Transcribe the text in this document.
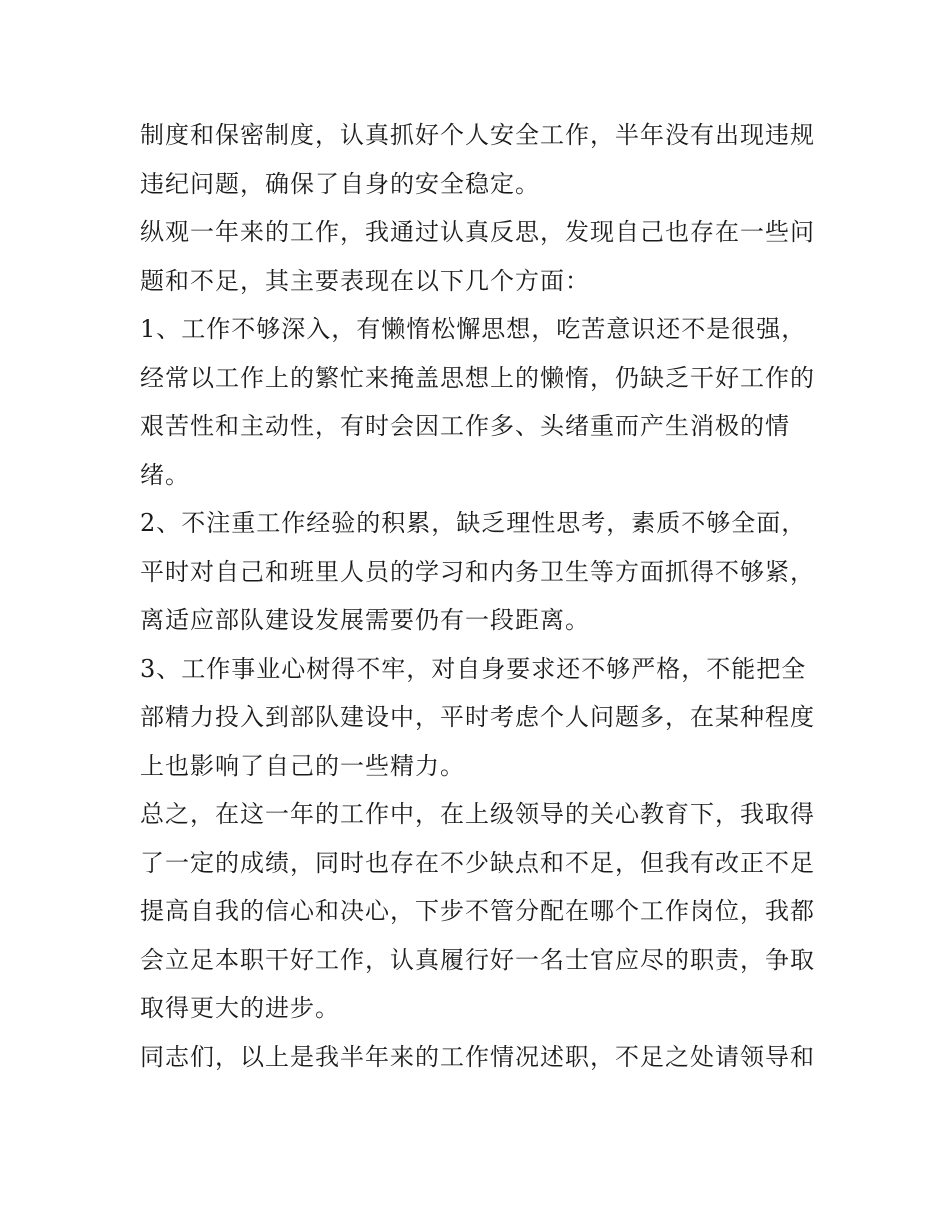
制度和保密制度，认真抓好个人安全工作，半年没有出现违规
违纪问题，确保了自身的安全稳定。
纵观一年来的工作，我通过认真反思，发现自己也存在一些问
题和不足，其主要表现在以下几个方面：
1、工作不够深入，有懒惰松懈思想，吃苦意识还不是很强，
经常以工作上的繁忙来掩盖思想上的懒惰，仍缺乏干好工作的
艰苦性和主动性，有时会因工作多、头绪重而产生消极的情
绪。
2、不注重工作经验的积累，缺乏理性思考，素质不够全面，
平时对自己和班里人员的学习和内务卫生等方面抓得不够紧，
离适应部队建设发展需要仍有一段距离。
3、工作事业心树得不牢，对自身要求还不够严格，不能把全
部精力投入到部队建设中，平时考虑个人问题多，在某种程度
上也影响了自己的一些精力。
总之，在这一年的工作中，在上级领导的关心教育下，我取得
了一定的成绩，同时也存在不少缺点和不足，但我有改正不足
提高自我的信心和决心，下步不管分配在哪个工作岗位，我都
会立足本职干好工作，认真履行好一名士官应尽的职责，争取
取得更大的进步。
同志们，以上是我半年来的工作情况述职，不足之处请领导和
